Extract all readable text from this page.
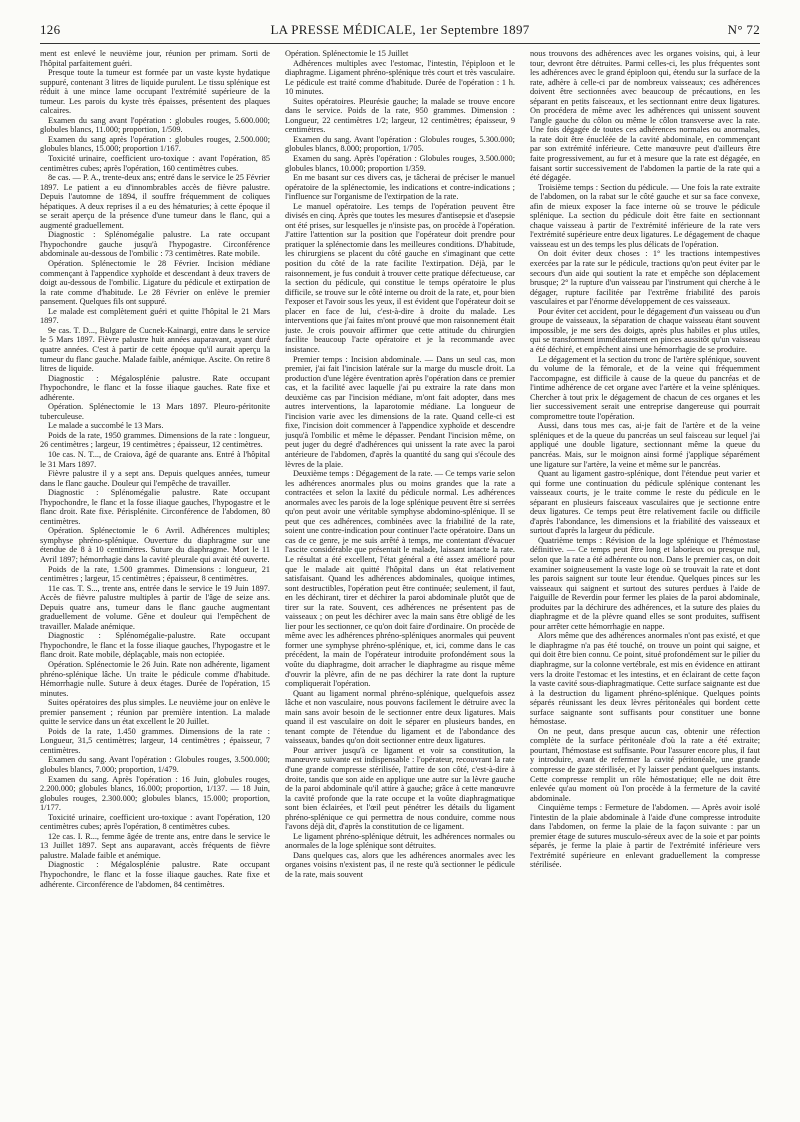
126	LA PRESSE MÉDICALE, 1er Septembre 1897	N° 72

ment est enlevé le neuvième jour, réunion per primam. Sorti de l'hôpital parfaitement guéri.

Presque toute la tumeur est formée par un vaste kyste hydatique suppuré, contenant 3 litres de liquide purulent. Le tissu splénique est réduit à une mince lame occupant l'extrémité supérieure de la tumeur. Les parois du kyste très épaisses, présentent des plaques calcaires.

Examen du sang avant l'opération : globules rouges, 5.600.000; globules blancs, 11.000; proportion, 1/509.

Examen du sang après l'opération : globules rouges, 2.500.000; globules blancs, 15.000; proportion 1/167.

Toxicité urinaire, coefficient uro-toxique : avant l'opération, 85 centimètres cubes; après l'opération, 160 centimètres cubes.

8e cas. — P. A., trente-deux ans; entré dans le service le 25 Février 1897. Le patient a eu d'innombrables accès de fièvre palustre. Depuis l'automne de 1894, il souffre fréquemment de coliques hépatiques. A deux reprises il a eu des hématuries; à cette époque il se serait aperçu de la présence d'une tumeur dans le flanc, qui a augmenté graduellement.

Diagnostic : Splénomégalie palustre. La rate occupant l'hypochondre gauche jusqu'à l'hypogastre. Circonférence abdominale au-dessous de l'ombilic : 73 centimètres. Rate mobile.

Opération. Splénectomie le 28 Février. Incision médiane commençant à l'appendice xyphoïde et descendant à deux travers de doigt au-dessous de l'ombilic. Ligature du pédicule et extirpation de la rate comme d'habitude. Le 28 Février on enlève le premier pansement. Quelques fils ont suppuré.

Le malade est complètement guéri et quitte l'hôpital le 21 Mars 1897.

9e cas. T. D..., Bulgare de Cucnek-Kainargi, entre dans le service le 5 Mars 1897. Fièvre palustre huit années auparavant, ayant duré quatre années. C'est à partir de cette époque qu'il aurait aperçu la tumeur du flanc gauche. Malade faible, anémique. Ascite. On retire 8 litres de liquide.

Diagnostic : Mégalosplénie palustre. Rate occupant l'hypochondre, le flanc et la fosse iliaque gauches. Rate fixe et adhérente.

Opération. Splénectomie le 13 Mars 1897. Pleuro-péritonite tuberculeuse.

Le malade a succombé le 13 Mars.

Poids de la rate, 1950 grammes. Dimensions de la rate : longueur, 26 centimètres ; largeur, 19 centimètres ; épaisseur, 12 centimètres.

10e cas. N. T..., de Craiova, âgé de quarante ans. Entré à l'hôpital le 31 Mars 1897.

Fièvre palustre il y a sept ans. Depuis quelques années, tumeur dans le flanc gauche. Douleur qui l'empêche de travailler.

Diagnostic : Splénomégalie palustre. Rate occupant l'hypochondre, le flanc et la fosse iliaque gauches, l'hypogastre et le flanc droit. Rate fixe. Périsplénite. Circonférence de l'abdomen, 80 centimètres.

Opération. Splénectomie le 6 Avril. Adhérences multiples; symphyse phréno-splénique. Ouverture du diaphragme sur une étendue de 8 à 10 centimètres. Suture du diaphragme. Mort le 11 Avril 1897; hémorrhagie dans la cavité pleurale qui avait été ouverte.

Poids de la rate, 1.500 grammes. Dimensions : longueur, 21 centimètres ; largeur, 15 centimètres ; épaisseur, 8 centimètres.

11e cas. T. S..., trente ans, entrée dans le service le 19 Juin 1897. Accès de fièvre palustre multiples à partir de l'âge de seize ans. Depuis quatre ans, tumeur dans le flanc gauche augmentant graduellement de volume. Gêne et douleur qui l'empêchent de travailler. Malade anémique.

Diagnostic : Splénomégalie-palustre. Rate occupant l'hypochondre, le flanc et la fosse iliaque gauches, l'hypogastre et le flanc droit. Rate mobile, déplaçable, mais non ectopiée.

Opération. Splénectomie le 26 Juin. Rate non adhérente, ligament phréno-splénique lâche. Un traite le pédicule comme d'habitude. Hémorrhagie nulle. Suture à deux étages. Durée de l'opération, 15 minutes.

Suites opératoires des plus simples. Le neuvième jour on enlève le premier pansement ; réunion par première intention. La malade quitte le service dans un état excellent le 20 Juillet.

Poids de la rate, 1.450 grammes. Dimensions de la rate : Longueur, 31,5 centimètres; largeur, 14 centimètres ; épaisseur, 7 centimètres.

Examen du sang. Avant l'opération : Globules rouges, 3.500.000; globules blancs, 7.000; proportion, 1/479.

Examen du sang. Après l'opération : 16 Juin, globules rouges, 2.200.000; globules blancs, 16.000; proportion, 1/137. — 18 Juin, globules rouges, 2.300.000; globules blancs, 15.000; proportion, 1/177.

Toxicité urinaire, coefficient uro-toxique : avant l'opération, 120 centimètres cubes; après l'opération, 8 centimètres cubes.

12e cas. I. R..., femme âgée de trente ans, entre dans le service le 13 Juillet 1897. Sept ans auparavant, accès fréquents de fièvre palustre. Malade faible et anémique.

Diagnostic : Mégalosplénie palustre. Rate occupant l'hypochondre, le flanc et la fosse iliaque gauches. Rate fixe et adhérente. Circonférence de l'abdomen, 84 centimètres.

Opération. Splénectomie le 15 Juillet

Adhérences multiples avec l'estomac, l'intestin, l'épiploon et le diaphragme. Ligament phréno-splénique très court et très vasculaire. Le pédicule est traité comme d'habitude. Durée de l'opération : 1 h. 10 minutes.

Suites opératoires. Pleurésie gauche; la malade se trouve encore dans le service. Poids de la rate, 950 grammes. Dimension : Longueur, 22 centimètres 1/2; largeur, 12 centimètres; épaisseur, 9 centimètres.

Examen du sang. Avant l'opération : Globules rouges, 5.300.000; globules blancs, 8.000; proportion, 1/705.

Examen du sang. Après l'opération : Globules rouges, 3.500.000; globules blancs, 10.000; proportion 1/359.

En me basant sur ces divers cas, je tâcherai de préciser le manuel opératoire de la splénectomie, les indications et contre-indications ; l'influence sur l'organisme de l'extirpation de la rate.

Le manuel opératoire. Les temps de l'opération peuvent être divisés en cinq. Après que toutes les mesures d'antisepsie et d'asepsie ont été prises, sur lesquelles je n'insiste pas, on procède à l'opération. J'attire l'attention sur la position que l'opérateur doit prendre pour pratiquer la splénectomie dans les meilleures conditions. D'habitude, les chirurgiens se placent du côté gauche en s'imaginant que cette position du côté de la rate facilite l'extirpation. Déjà, par le raisonnement, je fus conduit à trouver cette pratique défectueuse, car la section du pédicule, qui constitue le temps opératoire le plus difficile, se trouve sur le côté interne ou droit de la rate, et, pour bien l'exposer et l'avoir sous les yeux, il est évident que l'opérateur doit se placer en face de lui, c'est-à-dire à droite du malade. Les interventions que j'ai faites m'ont prouvé que mon raisonnement était juste. Je crois pouvoir affirmer que cette attitude du chirurgien facilite beaucoup l'acte opératoire et je la recommande avec insistance.

Premier temps : Incision abdominale. — Dans un seul cas, mon premier, j'ai fait l'incision latérale sur la marge du muscle droit. La production d'une légère éventration après l'opération dans ce premier cas, et la facilité avec laquelle j'ai pu extraire la rate dans mon deuxième cas par l'incision médiane, m'ont fait adopter, dans mes autres interventions, la laparotomie médiane. La longueur de l'incision varie avec les dimensions de la rate. Quand celle-ci est fixe, l'incision doit commencer à l'appendice xyphoïde et descendre jusqu'à l'ombilic et même le dépasser. Pendant l'incision même, on peut juger du degré d'adhérences qui unissent la rate avec la paroi antérieure de l'abdomen, d'après la quantité du sang qui s'écoule des lèvres de la plaie.

Deuxième temps : Dégagement de la rate. — Ce temps varie selon les adhérences anormales plus ou moins grandes que la rate a contractées et selon la laxité du pédicule normal. Les adhérences anormales avec les parois de la loge splénique peuvent être si serrées qu'on peut avoir une véritable symphyse abdomino-splénique. Il se peut que ces adhérences, combinées avec la friabilité de la rate, soient une contre-indication pour continuer l'acte opératoire. Dans un cas de ce genre, je me suis arrêté à temps, me contentant d'évacuer l'ascite considérable que présentait le malade, laissant intacte la rate. Le résultat a été excellent, l'état général a été assez amélioré pour que le malade ait quitté l'hôpital dans un état relativement satisfaisant. Quand les adhérences abdominales, quoique intimes, sont destructibles, l'opération peut être continuée; seulement, il faut, en les déchirant, tirer et déchirer la paroi abdominale plutôt que de tirer sur la rate. Souvent, ces adhérences ne présentent pas de vaisseaux ; on peut les déchirer avec la main sans être obligé de les lier pour les sectionner, ce qu'on doit faire d'ordinaire. On procède de même avec les adhérences phréno-spléniques anormales qui peuvent former une symphyse phréno-splénique, et, ici, comme dans le cas précédent, la main de l'opérateur introduite profondément sous la voûte du diaphragme, doit arracher le diaphragme au risque même d'ouvrir la plèvre, afin de ne pas déchirer la rate dont la rupture compliquerait l'opération.

Quant au ligament normal phréno-splénique, quelquefois assez lâche et non vasculaire, nous pouvons facilement le détruire avec la main sans avoir besoin de le sectionner entre deux ligatures. Mais quand il est vasculaire on doit le séparer en plusieurs bandes, en tenant compte de l'étendue du ligament et de l'abondance des vaisseaux, bandes qu'on doit sectionner entre deux ligatures.

Pour arriver jusqu'à ce ligament et voir sa constitution, la manœuvre suivante est indispensable : l'opérateur, recouvrant la rate d'une grande compresse stérilisée, l'attire de son côté, c'est-à-dire à droite, tandis que son aide en applique une autre sur la lèvre gauche de la paroi abdominale qu'il attire à gauche; grâce à cette manœuvre la cavité profonde que la rate occupe et la voûte diaphragmatique sont bien éclairées, et l'œil peut pénétrer les détails du ligament phréno-splénique ce qui permettra de nous conduire, comme nous l'avons déjà dit, d'après la constitution de ce ligament.

Le ligament phréno-splénique détruit, les adhérences normales ou anormales de la loge splénique sont détruites.

Dans quelques cas, alors que les adhérences anormales avec les organes voisins n'existent pas, il ne reste qu'à sectionner le pédicule de la rate, mais souvent

nous trouvons des adhérences avec les organes voisins, qui, à leur tour, devront être détruites. Parmi celles-ci, les plus fréquentes sont les adhérences avec le grand épiploon qui, étendu sur la surface de la rate, adhère à celle-ci par de nombreux vaisseaux; ces adhérences doivent être sectionnées avec beaucoup de précautions, en les séparant en petits faisceaux, et les sectionnant entre deux ligatures. On procédera de même avec les adhérences qui unissent souvent l'angle gauche du côlon ou même le côlon transverse avec la rate. Une fois dégagée de toutes ces adhérences normales ou anormales, la rate doit être énucléée de la cavité abdominale, en commençant par son extrémité inférieure. Cette manœuvre peut d'ailleurs être faite progressivement, au fur et à mesure que la rate est dégagée, en faisant sortir successivement de l'abdomen la partie de la rate qui a été dégagée.

Troisième temps : Section du pédicule. — Une fois la rate extraite de l'abdomen, on la rabat sur le côté gauche et sur sa face convexe, afin de mieux exposer la face interne où se trouve le pédicule splénique. La section du pédicule doit être faite en sectionnant chaque vaisseau à partir de l'extrémité inférieure de la rate vers l'extrémité supérieure entre deux ligatures. Le dégagement de chaque vaisseau est un des temps les plus délicats de l'opération.

On doit éviter deux choses : 1° les tractions intempestives exercées par la rate sur le pédicule, tractions qu'on peut éviter par le secours d'un aide qui soutient la rate et empêche son déplacement brusque; 2° la rupture d'un vaisseau par l'instrument qui cherche à le dégager, rupture facilitée par l'extrême friabilité des parois vasculaires et par l'énorme développement de ces vaisseaux.

Pour éviter cet accident, pour le dégagement d'un vaisseau ou d'un groupe de vaisseaux, la séparation de chaque vaisseau étant souvent impossible, je me sers des doigts, après plus habiles et plus utiles, qui se transforment immédiatement en pinces aussitôt qu'un vaisseau a été déchiré, et empêchent ainsi une hémorrhagie de se produire.

Le dégagement et la section du tronc de l'artère splénique, souvent du volume de la fémorale, et de la veine qui fréquemment l'accompagne, est difficile à cause de la queue du pancréas et de l'intime adhérence de cet organe avec l'artère et la veine spléniques. Chercher à tout prix le dégagement de chacun de ces organes et les lier successivement serait une entreprise dangereuse qui pourrait compromettre toute l'opération.

Aussi, dans tous mes cas, ai-je fait de l'artère et de la veine spléniques et de la queue du pancréas un seul faisceau sur lequel j'ai appliqué une double ligature, sectionnant même la queue du pancréas. Mais, sur le moignon ainsi formé j'applique séparément une ligature sur l'artère, la veine et même sur le pancréas.

Quant au ligament gastro-splénique, dont l'étendue peut varier et qui forme une continuation du pédicule splénique contenant les vaisseaux courts, je le traite comme le reste du pédicule en le séparant en plusieurs faisceaux vasculaires que je sectionne entre deux ligatures. Ce temps peut être relativement facile ou difficile d'après l'abondance, les dimensions et la friabilité des vaisseaux et surtout d'après la largeur du pédicule.

Quatrième temps : Révision de la loge splénique et l'hémostase définitive. — Ce temps peut être long et laborieux ou presque nul, selon que la rate a été adhérente ou non. Dans le premier cas, on doit examiner soigneusement la vaste loge où se trouvait la rate et dont les parois saignent sur toute leur étendue. Quelques pinces sur les vaisseaux qui saignent et surtout des sutures perdues à l'aide de l'aiguille de Reverdin pour fermer les plaies de la paroi abdominale, produites par la déchirure des adhérences, et la suture des plaies du diaphragme et de la plèvre quand elles se sont produites, suffisent pour arrêter cette hémorrhagie en nappe.

Alors même que des adhérences anormales n'ont pas existé, et que le diaphragme n'a pas été touché, on trouve un point qui saigne, et qui doit être bien connu. Ce point, situé profondément sur le pilier du diaphragme, sur la colonne vertébrale, est mis en évidence en attirant vers la droite l'estomac et les intestins, et en éclairant de cette façon la vaste cavité sous-diaphragmatique. Cette surface saignante est due à la destruction du ligament phréno-splénique. Quelques points séparés réunissant les deux lèvres péritonéales qui bordent cette surface saignante sont suffisants pour constituer une bonne hémostase.

On ne peut, dans presque aucun cas, obtenir une réfection complète de la surface péritonéale d'où la rate a été extraite; pourtant, l'hémostase est suffisante. Pour l'assurer encore plus, il faut y introduire, avant de refermer la cavité péritonéale, une grande compresse de gaze stérilisée, et l'y laisser pendant quelques instants. Cette compresse remplit un rôle hémostatique; elle ne doit être enlevée qu'au moment où l'on procède à la fermeture de la cavité abdominale.

Cinquième temps : Fermeture de l'abdomen. — Après avoir isolé l'intestin de la plaie abdominale à l'aide d'une compresse introduite dans l'abdomen, on ferme la plaie de la façon suivante : par un premier étage de sutures musculo-séreux avec de la soie et par points séparés, je ferme la plaie à partir de l'extrémité inférieure vers l'extrémité supérieure en enlevant graduellement la compresse stérilisée.
